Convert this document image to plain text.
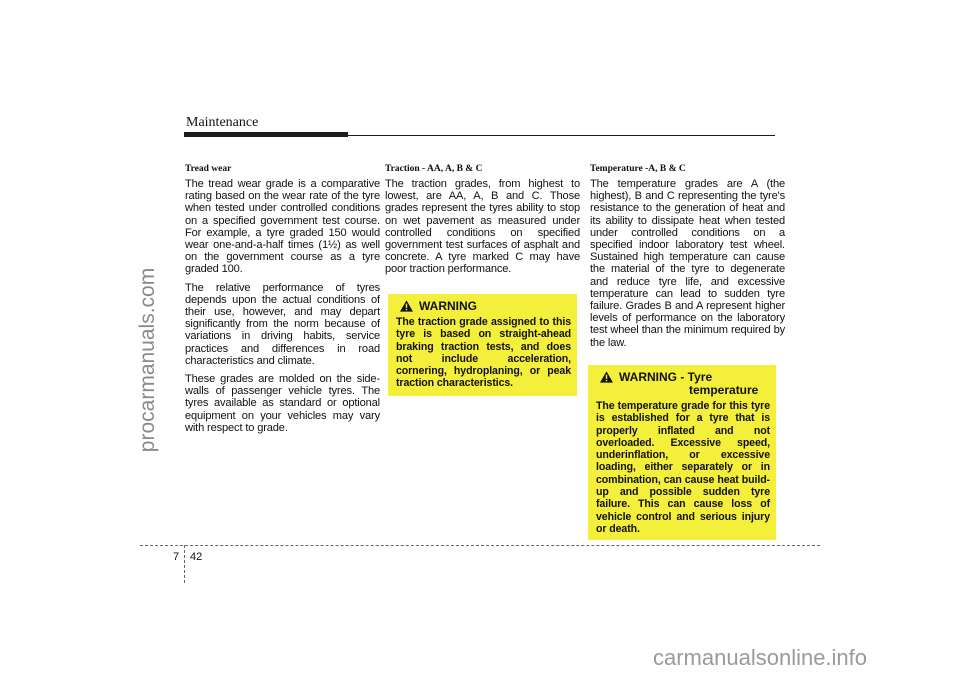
procarmanuals.com
Maintenance

Tread wear

The tread wear grade is a comparative rating based on the wear rate of the tyre when tested under controlled conditions on a specified government test course. For example, a tyre graded 150 would wear one-and-a-half times (1½) as well on the government course as a tyre graded 100.

The relative performance of tyres depends upon the actual conditions of their use, however, and may depart significantly from the norm because of variations in driving habits, service practices and differences in road characteristics and climate.

These grades are molded on the side-walls of passenger vehicle tyres. The tyres available as standard or optional equipment on your vehicles may vary with respect to grade.

Traction - AA, A, B & C

The traction grades, from highest to lowest, are AA, A, B and C. Those grades represent the tyres ability to stop on wet pavement as measured under controlled conditions on specified government test surfaces of asphalt and concrete. A tyre marked C may have poor traction performance.

WARNING
The traction grade assigned to this tyre is based on straight-ahead braking traction tests, and does not include acceleration, cornering, hydroplaning, or peak traction characteristics.

Temperature -A, B & C

The temperature grades are A (the highest), B and C representing the tyre's resistance to the generation of heat and its ability to dissipate heat when tested under controlled conditions on a specified indoor laboratory test wheel. Sustained high temperature can cause the material of the tyre to degenerate and reduce tyre life, and excessive temperature can lead to sudden tyre failure. Grades B and A represent higher levels of performance on the laboratory test wheel than the minimum required by the law.

WARNING - Tyre
temperature
The temperature grade for this tyre is established for a tyre that is properly inflated and not overloaded. Excessive speed, underinflation, or excessive loading, either separately or in combination, can cause heat build-up and possible sudden tyre failure. This can cause loss of vehicle control and serious injury or death.
7 42
carmanualsonline.info
